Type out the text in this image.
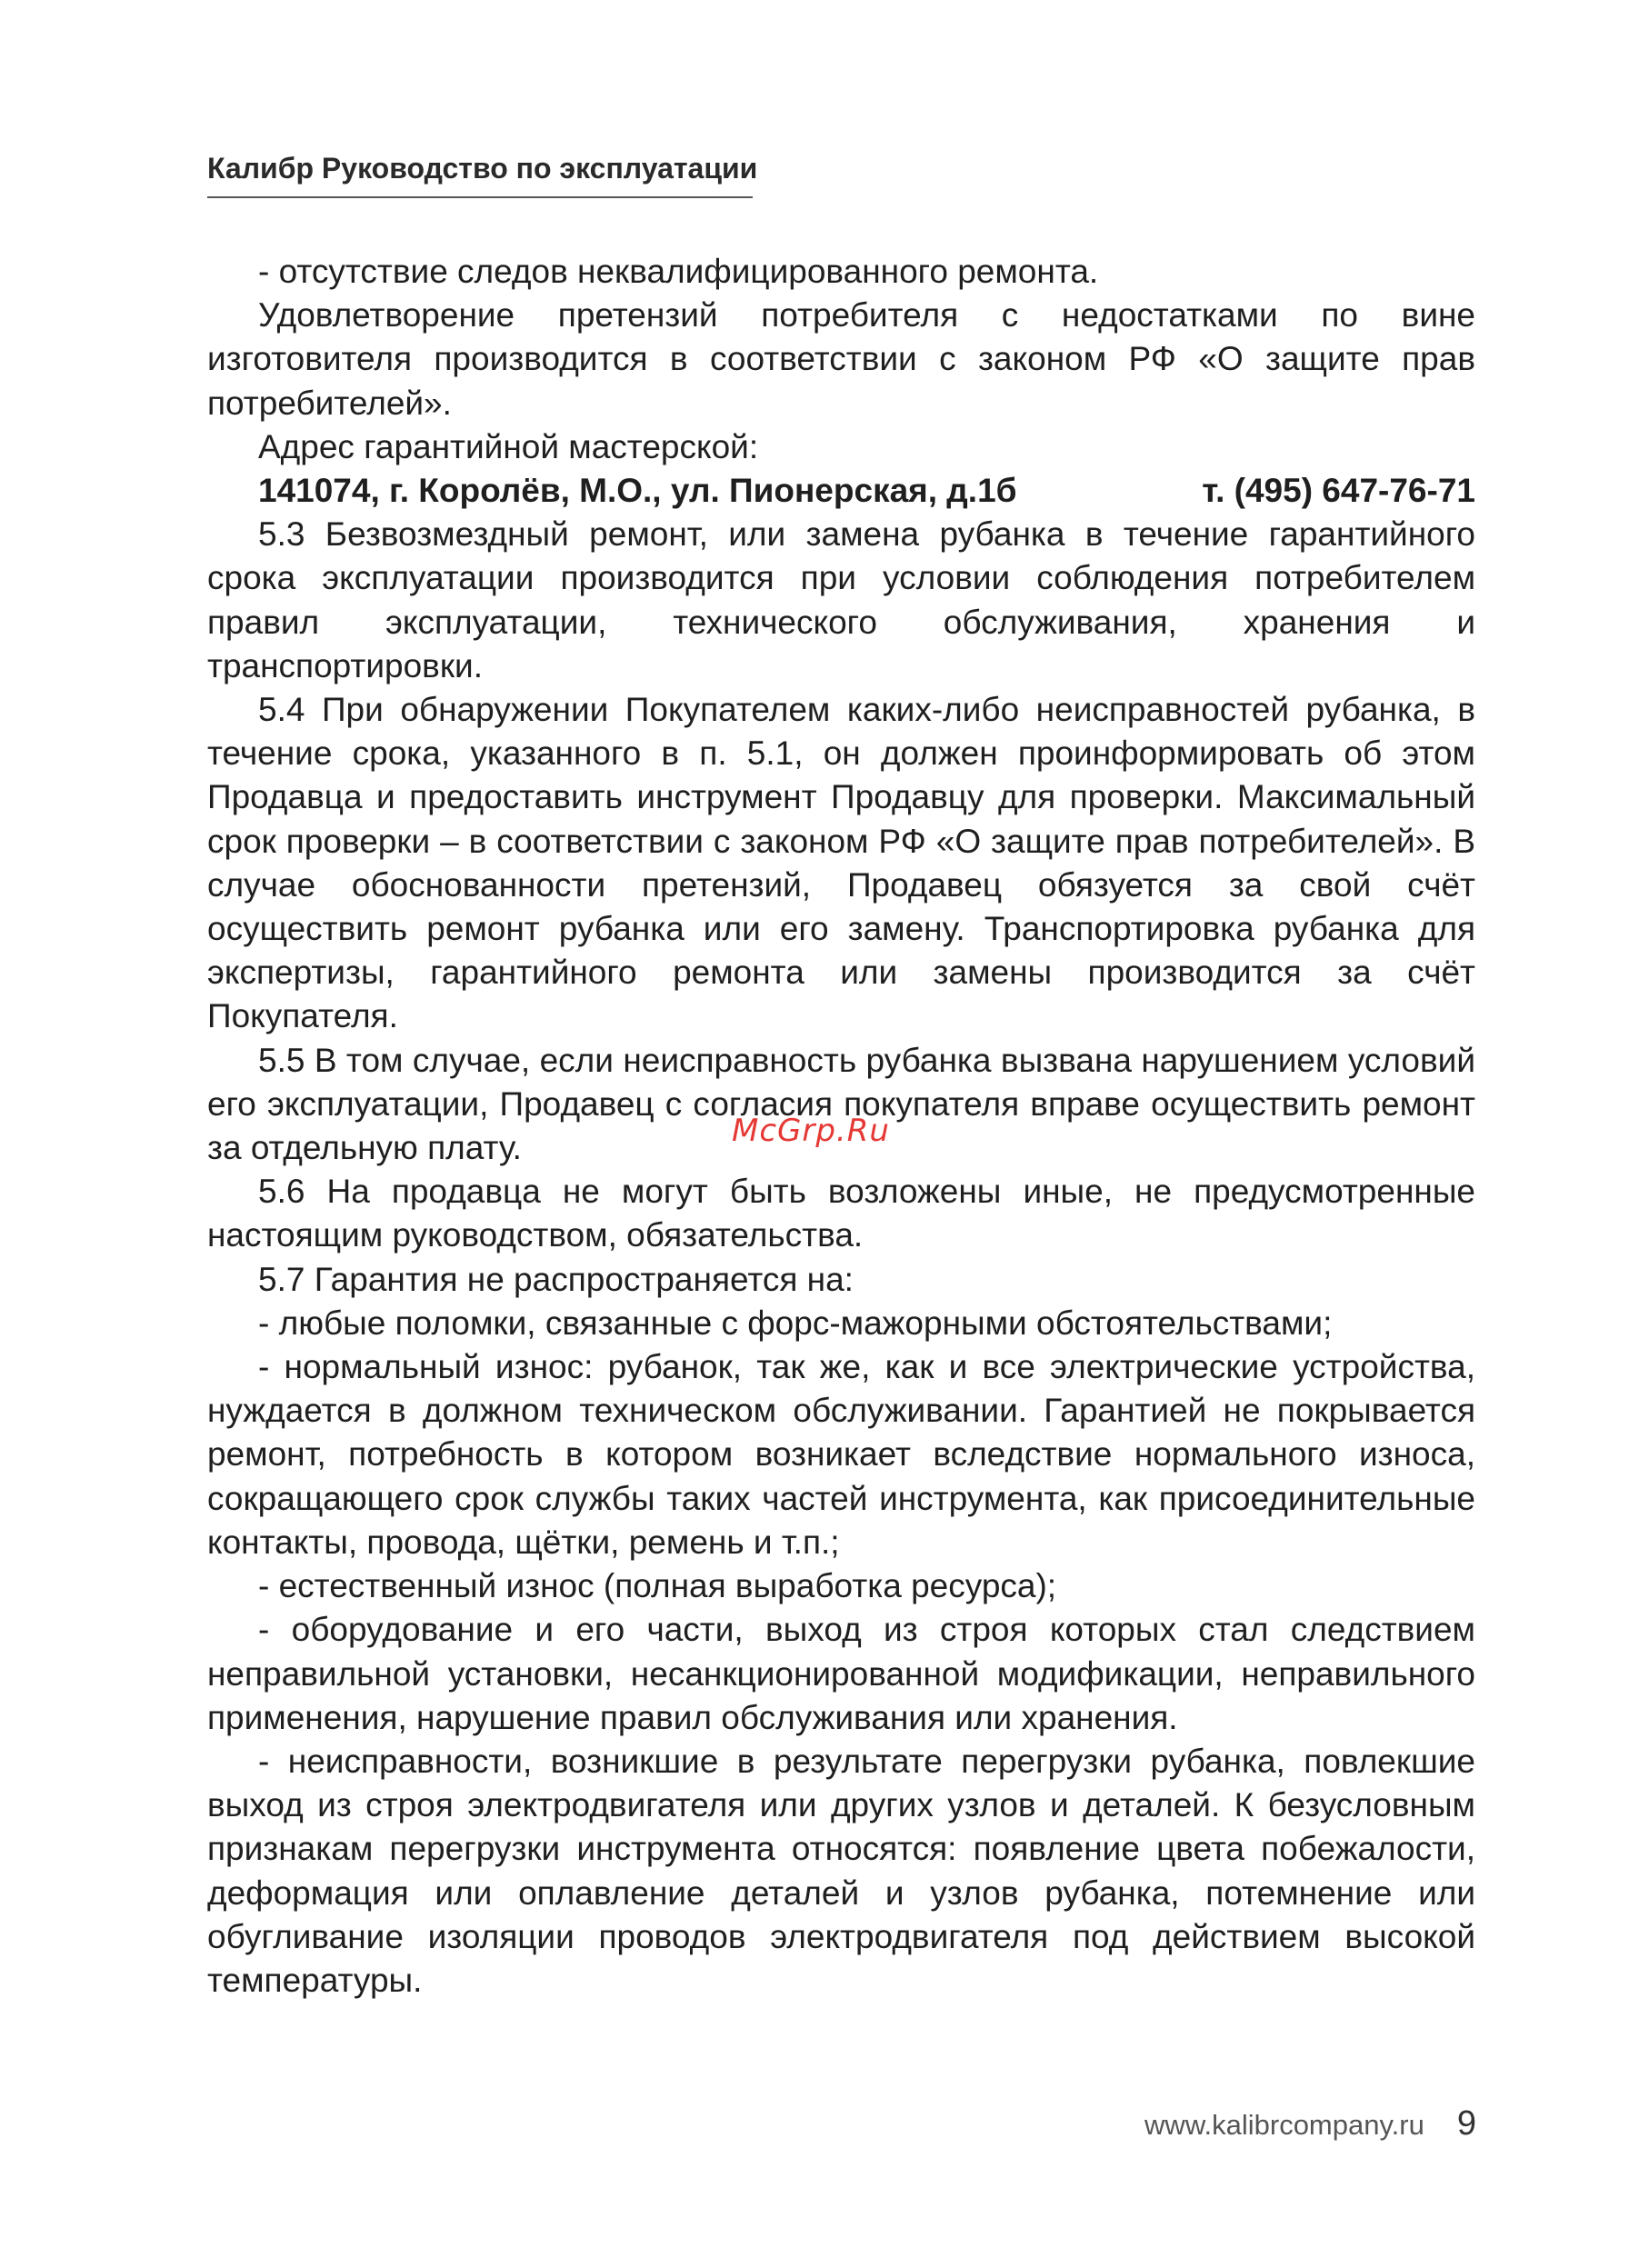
Калибр Руководство по эксплуатации

- отсутствие следов неквалифицированного ремонта.

Удовлетворение претензий потребителя с недостатками по вине изготовителя производится в соответствии с законом РФ «О защите прав потребителей».

Адрес гарантийной мастерской:

141074, г. Королёв, М.О., ул. Пионерская, д.1б	т. (495) 647-76-71

5.3 Безвозмездный ремонт, или замена рубанка в течение гарантийного срока эксплуатации производится при условии соблюдения потребителем правил эксплуатации, технического обслуживания, хранения и транспортировки.

5.4 При обнаружении Покупателем каких-либо неисправностей рубанка, в течение срока, указанного в п. 5.1, он должен проинформировать об этом Продавца и предоставить инструмент Продавцу для проверки. Максимальный срок проверки – в соответствии с законом РФ «О защите прав потребителей». В случае обоснованности претензий, Продавец обязуется за свой счёт осуществить ремонт рубанка или его замену. Транспортировка рубанка для экспертизы, гарантийного ремонта или замены производится за счёт Покупателя.

5.5 В том случае, если неисправность рубанка вызвана нарушением условий его эксплуатации, Продавец с согласия покупателя вправе осуществить ремонт за отдельную плату.

5.6 На продавца не могут быть возложены иные, не предусмотренные настоящим руководством, обязательства.

5.7 Гарантия не распространяется на:

- любые поломки, связанные с форс-мажорными обстоятельствами;

- нормальный износ: рубанок, так же, как и все электрические устройства, нуждается в должном техническом обслуживании. Гарантией не покрывается ремонт, потребность в котором возникает вследствие нормального износа, сокращающего срок службы таких частей инструмента, как присоединительные контакты, провода, щётки, ремень и т.п.;

- естественный износ (полная выработка ресурса);

- оборудование и его части, выход из строя которых стал следствием неправильной установки, несанкционированной модификации, неправильного применения, нарушение правил обслуживания или хранения.

- неисправности, возникшие в результате перегрузки рубанка, повлекшие выход из строя электродвигателя или других узлов и деталей. К безусловным признакам перегрузки инструмента относятся: появление цвета побежалости, деформация или оплавление деталей и узлов рубанка, потемнение или обугливание изоляции проводов электродвигателя под действием высокой температуры.

McGrp.Ru
www.kalibrcompany.ru 9
